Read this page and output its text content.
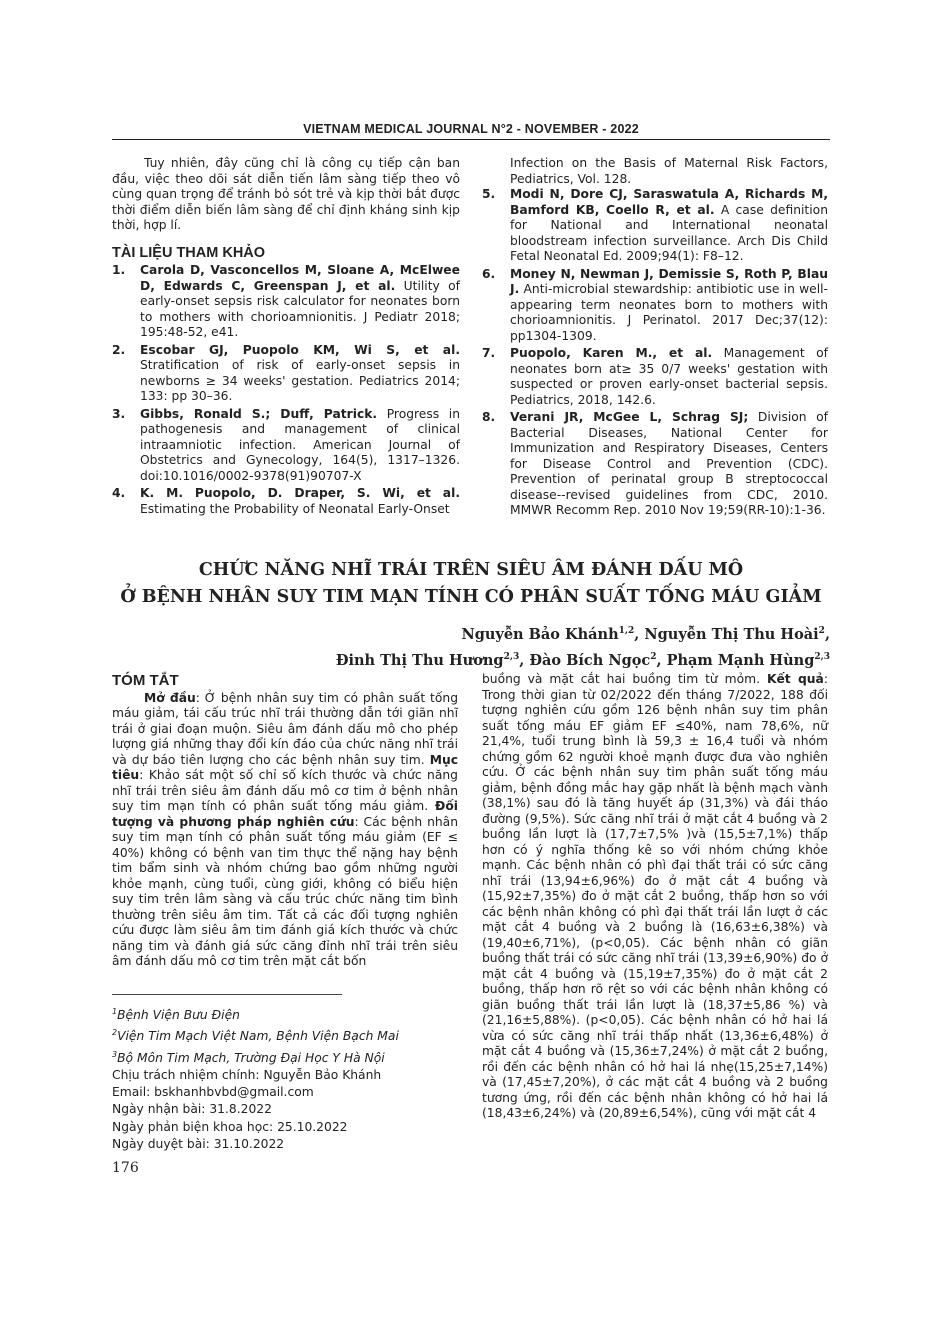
VIETNAM MEDICAL JOURNAL N°2 - NOVEMBER - 2022

Tuy nhiên, đây cũng chỉ là công cụ tiếp cận ban đầu, việc theo dõi sát diễn tiến lâm sàng tiếp theo vô cùng quan trọng để tránh bỏ sót trẻ và kịp thời bắt được thời điểm diễn biến lâm sàng để chỉ định kháng sinh kịp thời, hợp lí.

TÀI LIỆU THAM KHẢO
1.	Carola D, Vasconcellos M, Sloane A, McElwee D, Edwards C, Greenspan J, et al. Utility of early-onset sepsis risk calculator for neonates born to mothers with chorioamnionitis. J Pediatr 2018; 195:48-52, e41.
2.	Escobar GJ, Puopolo KM, Wi S, et al. Stratification of risk of early-onset sepsis in newborns ≥ 34 weeks' gestation. Pediatrics 2014; 133: pp 30–36.
3.	Gibbs, Ronald S.; Duff, Patrick. Progress in pathogenesis and management of clinical intraamniotic infection. American Journal of Obstetrics and Gynecology, 164(5), 1317–1326. doi:10.1016/0002-9378(91)90707-X
4.	K. M. Puopolo, D. Draper, S. Wi, et al. Estimating the Probability of Neonatal Early-Onset
Infection on the Basis of Maternal Risk Factors, Pediatrics, Vol. 128.
5.	Modi N, Dore CJ, Saraswatula A, Richards M, Bamford KB, Coello R, et al. A case definition for National and International neonatal bloodstream infection surveillance. Arch Dis Child Fetal Neonatal Ed. 2009;94(1): F8–12.
6.	Money N, Newman J, Demissie S, Roth P, Blau J. Anti-microbial stewardship: antibiotic use in well-appearing term neonates born to mothers with chorioamnionitis. J Perinatol. 2017 Dec;37(12): pp1304-1309.
7.	Puopolo, Karen M., et al. Management of neonates born at≥ 35 0/7 weeks' gestation with suspected or proven early-onset bacterial sepsis. Pediatrics, 2018, 142.6.
8.	Verani JR, McGee L, Schrag SJ; Division of Bacterial Diseases, National Center for Immunization and Respiratory Diseases, Centers for Disease Control and Prevention (CDC). Prevention of perinatal group B streptococcal disease--revised guidelines from CDC, 2010. MMWR Recomm Rep. 2010 Nov 19;59(RR-10):1-36.
CHỨC NĂNG NHĨ TRÁI TRÊN SIÊU ÂM ĐÁNH DẤU MÔ
Ở BỆNH NHÂN SUY TIM MẠN TÍNH CÓ PHÂN SUẤT TỐNG MÁU GIẢM
Nguyễn Bảo Khánh$^{1,2}$, Nguyễn Thị Thu Hoài$^2$,
Đinh Thị Thu Hương$^{2,3}$, Đào Bích Ngọc$^2$, Phạm Mạnh Hùng$^{2,3}$
TÓM TẮT

Mở đầu: Ở bệnh nhân suy tim có phân suất tống máu giảm, tái cấu trúc nhĩ trái thường dẫn tới giãn nhĩ trái ở giai đoạn muộn. Siêu âm đánh dấu mô cho phép lượng giá những thay đổi kín đáo của chức năng nhĩ trái và dự báo tiên lượng cho các bệnh nhân suy tim. Mục tiêu: Khảo sát một số chỉ số kích thước và chức năng nhĩ trái trên siêu âm đánh dấu mô cơ tim ở bệnh nhân suy tim mạn tính có phân suất tống máu giảm. Đối tượng và phương pháp nghiên cứu: Các bệnh nhân suy tim mạn tính có phân suất tống máu giảm (EF ≤ 40%) không có bệnh van tim thực thể nặng hay bệnh tim bẩm sinh và nhóm chứng bao gồm những người khỏe mạnh, cùng tuổi, cùng giới, không có biểu hiện suy tim trên lâm sàng và cấu trúc chức năng tim bình thường trên siêu âm tim. Tất cả các đối tượng nghiên cứu được làm siêu âm tim đánh giá kích thước và chức năng tim và đánh giá sức căng đỉnh nhĩ trái trên siêu âm đánh dấu mô cơ tim trên mặt cắt bốn

buồng và mặt cắt hai buồng tim từ mỏm. Kết quả: Trong thời gian từ 02/2022 đến tháng 7/2022, 188 đối tượng nghiên cứu gồm 126 bệnh nhân suy tim phân suất tống máu EF giảm EF ≤40%, nam 78,6%, nữ 21,4%, tuổi trung bình là 59,3 ± 16,4 tuổi và nhóm chứng gồm 62 người khoẻ mạnh được đưa vào nghiên cứu. Ở các bệnh nhân suy tim phân suất tống máu giảm, bệnh đồng mắc hay gặp nhất là bệnh mạch vành (38,1%) sau đó là tăng huyết áp (31,3%) và đái tháo đường (9,5%). Sức căng nhĩ trái ở mặt cắt 4 buồng và 2 buồng lần lượt là (17,7±7,5% )và (15,5±7,1%) thấp hơn có ý nghĩa thống kê so với nhóm chứng khỏe mạnh. Các bệnh nhân có phì đại thất trái có sức căng nhĩ trái (13,94±6,96%) đo ở mặt cắt 4 buồng và (15,92±7,35%) đo ở mặt cắt 2 buồng, thấp hơn so với các bệnh nhân không có phì đại thất trái lần lượt ở các mặt cắt 4 buồng và 2 buồng là (16,63±6,38%) và (19,40±6,71%), (p<0,05). Các bệnh nhân có giãn buồng thất trái có sức căng nhĩ trái (13,39±6,90%) đo ở mặt cắt 4 buồng và (15,19±7,35%) đo ở mặt cắt 2 buồng, thấp hơn rõ rệt so với các bệnh nhân không có giãn buồng thất trái lần lượt là (18,37±5,86 %) và (21,16±5,88%). (p<0,05). Các bệnh nhân có hở hai lá vừa có sức căng nhĩ trái thấp nhất (13,36±6,48%) ở mặt cắt 4 buồng và (15,36±7,24%) ở mặt cắt 2 buồng, rồi đến các bệnh nhân có hở hai lá nhẹ(15,25±7,14%) và (17,45±7,20%), ở các mặt cắt 4 buồng và 2 buồng tương ứng, rồi đến các bệnh nhân không có hở hai lá (18,43±6,24%) và (20,89±6,54%), cũng với mặt cắt 4

$^1$Bệnh Viện Bưu Điện
$^2$Viện Tim Mạch Việt Nam, Bệnh Viện Bạch Mai
$^3$Bộ Môn Tim Mạch, Trường Đại Học Y Hà Nội
Chịu trách nhiệm chính: Nguyễn Bảo Khánh
Email: bskhanhbvbd@gmail.com
Ngày nhận bài: 31.8.2022
Ngày phản biện khoa học: 25.10.2022
Ngày duyệt bài: 31.10.2022
176
